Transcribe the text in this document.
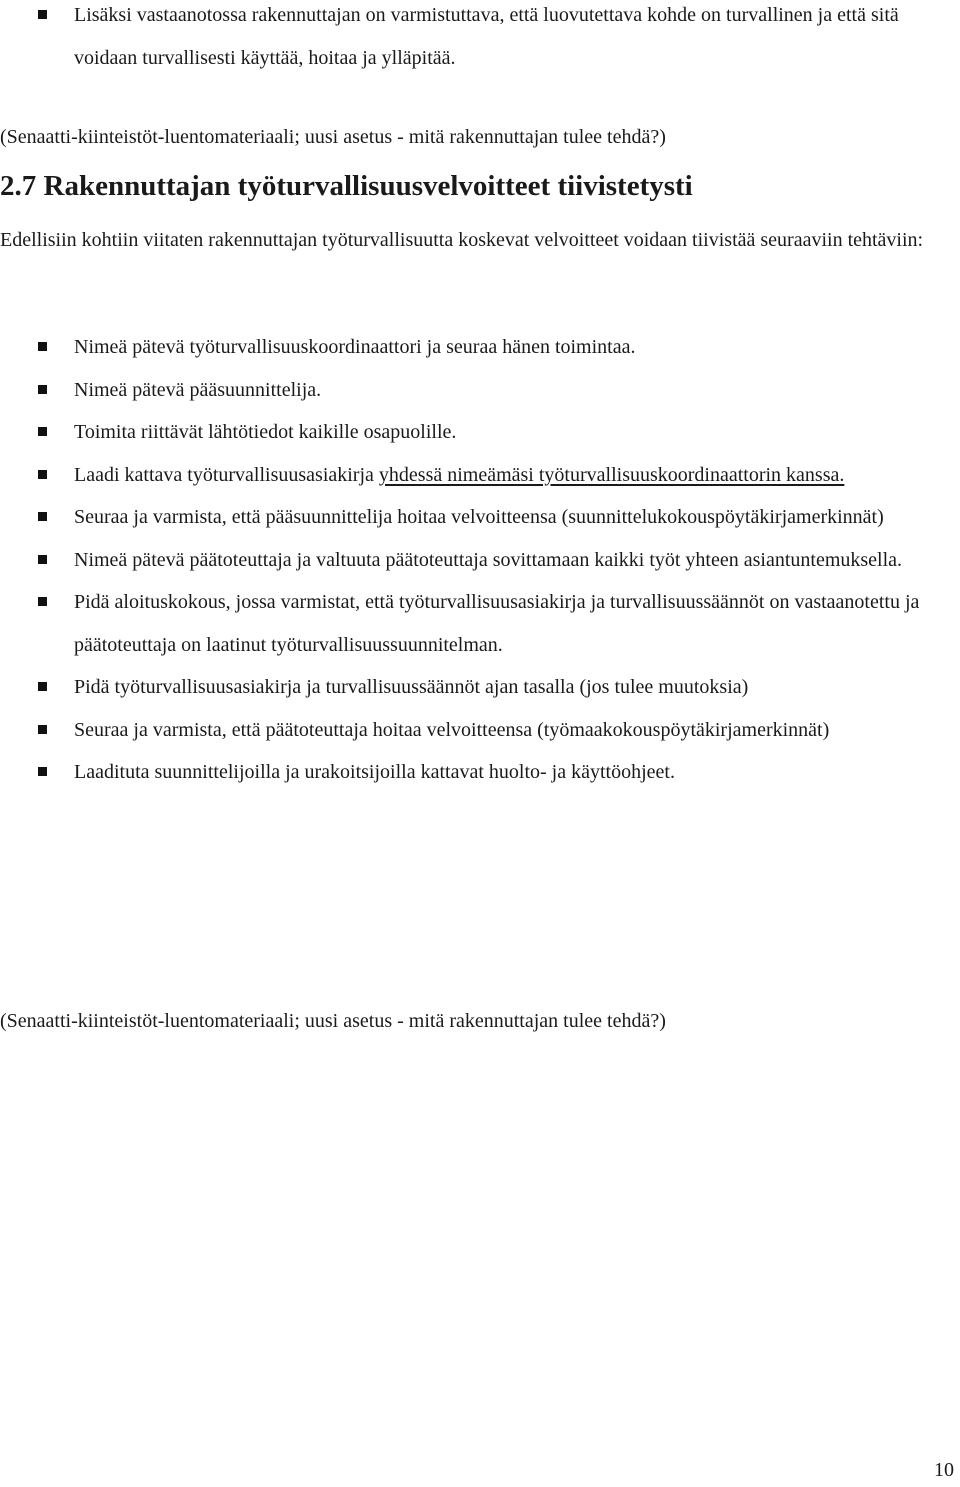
Lisäksi vastaanotossa rakennuttajan on varmistuttava, että luovutettava kohde on turvallinen ja että sitä voidaan turvallisesti käyttää, hoitaa ja ylläpitää.

(Senaatti-kiinteistöt-luentomateriaali; uusi asetus - mitä rakennuttajan tulee tehdä?)

2.7 Rakennuttajan työturvallisuusvelvoitteet tiivistetysti

Edellisiin kohtiin viitaten rakennuttajan työturvallisuutta koskevat velvoitteet voidaan tiivistää seuraaviin tehtäviin:

Nimeä pätevä työturvallisuuskoordinaattori ja seuraa hänen toimintaa.
Nimeä pätevä pääsuunnittelija.
Toimita riittävät lähtötiedot kaikille osapuolille.
Laadi kattava työturvallisuusasiakirja yhdessä nimeämäsi työturvallisuuskoordinaattorin kanssa.
Seuraa ja varmista, että pääsuunnittelija hoitaa velvoitteensa (suunnittelukokouspöytäkirjamerkinnät)
Nimeä pätevä päätoteuttaja ja valtuuta päätoteuttaja sovittamaan kaikki työt yhteen asiantuntemuksella.
Pidä aloituskokous, jossa varmistat, että työturvallisuusasiakirja ja turvallisuussäännöt on vastaanotettu ja päätoteuttaja on laatinut työturvallisuussuunnitelman.
Pidä työturvallisuusasiakirja ja turvallisuussäännöt ajan tasalla (jos tulee muutoksia)
Seuraa ja varmista, että päätoteuttaja hoitaa velvoitteensa (työmaakokouspöytäkirjamerkinnät)
Laadituta suunnittelijoilla ja urakoitsijoilla kattavat huolto- ja käyttöohjeet.

(Senaatti-kiinteistöt-luentomateriaali; uusi asetus - mitä rakennuttajan tulee tehdä?)

10
